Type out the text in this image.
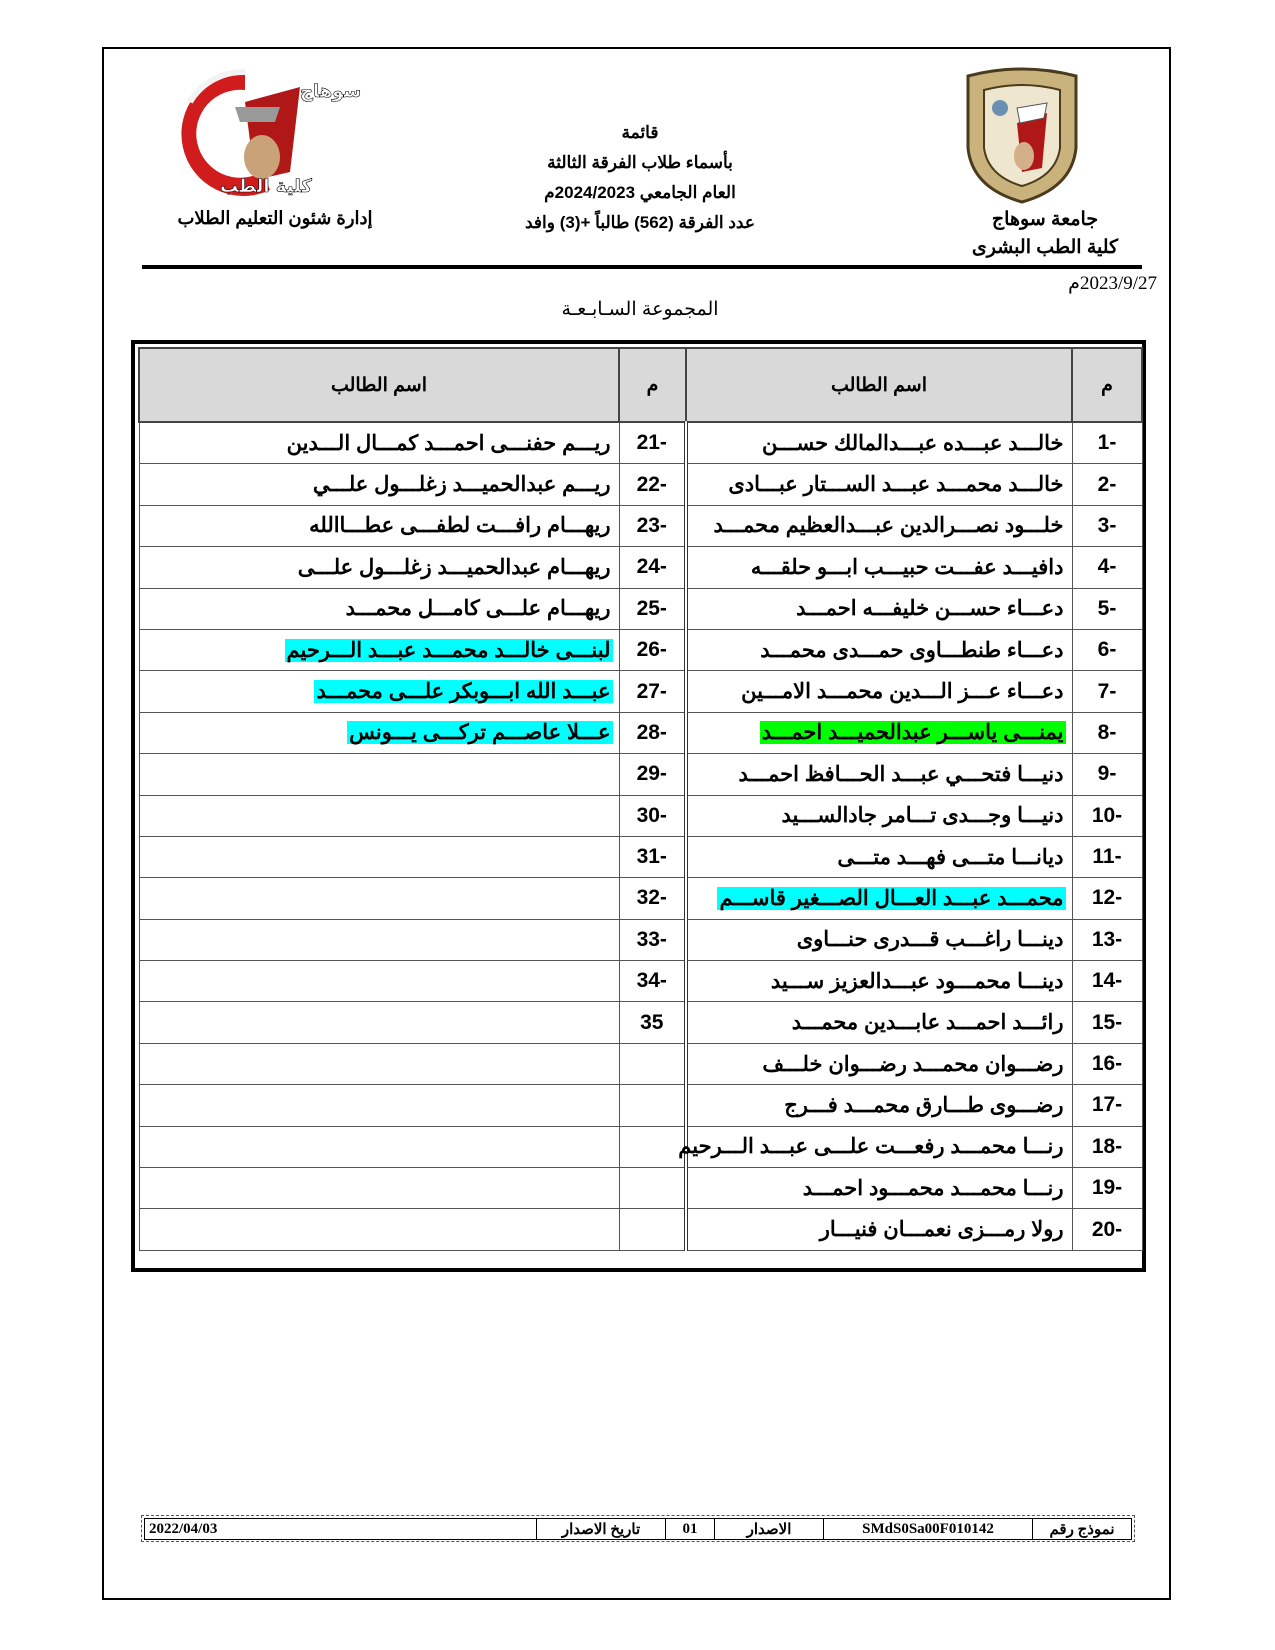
سوهاج
كلية الطب
قائمة
بأسماء طلاب الفرقة الثالثة
العام الجامعي 2024/2023م
عدد الفرقة (562) طالباً +(3) وافد	جامعة سوهاج
كلية الطب البشرى
إدارة شئون التعليم الطلاب
2023/9/27م
المجموعة السـابـعـة
م	اسم الطالب	م	اسم الطالب
-1	خالـــد عبـــده عبـــدالمالك حســـن	-21	ريـــم حفنـــى احمـــد كمـــال الـــدين
-2	خالـــد محمـــد عبـــد الســـتار عبـــادى	-22	ريـــم عبدالحميـــد زغلـــول علـــي
-3	خلـــود نصـــرالدين عبـــدالعظيم محمـــد	-23	ريهـــام رافـــت لطفـــى عطـــاالله
-4	دافيـــد عفـــت حبيـــب ابـــو حلقـــه	-24	ريهـــام عبدالحميـــد زغلـــول علـــى
-5	دعـــاء حســـن خليفـــه احمـــد	-25	ريهـــام علـــى كامـــل محمـــد
-6	دعـــاء طنطـــاوى حمـــدى محمـــد	-26	لبنـــى خالـــد محمـــد عبـــد الـــرحيم
-7	دعـــاء عـــز الـــدين محمـــد الامـــين	-27	عبـــد الله ابـــوبكر علـــى محمـــد
-8	يمنـــى ياســـر عبدالحميـــد احمـــد	-28	عـــلا عاصـــم تركـــى يـــونس
-9	دنيـــا فتحـــي عبـــد الحـــافظ احمـــد	-29	
-10	دنيـــا وجـــدى تـــامر جادالســـيد	-30	
-11	ديانـــا متـــى فهـــد متـــى	-31	
-12	محمـــد عبـــد العـــال الصـــغير قاســـم	-32	
-13	دينـــا راغـــب قـــدرى حنـــاوى	-33	
-14	دينـــا محمـــود عبـــدالعزيز ســـيد	-34	
-15	رائـــد احمـــد عابـــدين محمـــد	35	
-16	رضـــوان محمـــد رضـــوان خلـــف		
-17	رضـــوى طـــارق محمـــد فـــرج		
-18	رنـــا محمـــد رفعـــت علـــى عبـــد الـــرحيم		
-19	رنـــا محمـــد محمـــود احمـــد		
-20	رولا رمـــزى نعمـــان فنيـــار		
نموذج رقم	SMdS0Sa00F010142	الاصدار	01	تاريخ الاصدار	2022/04/03
